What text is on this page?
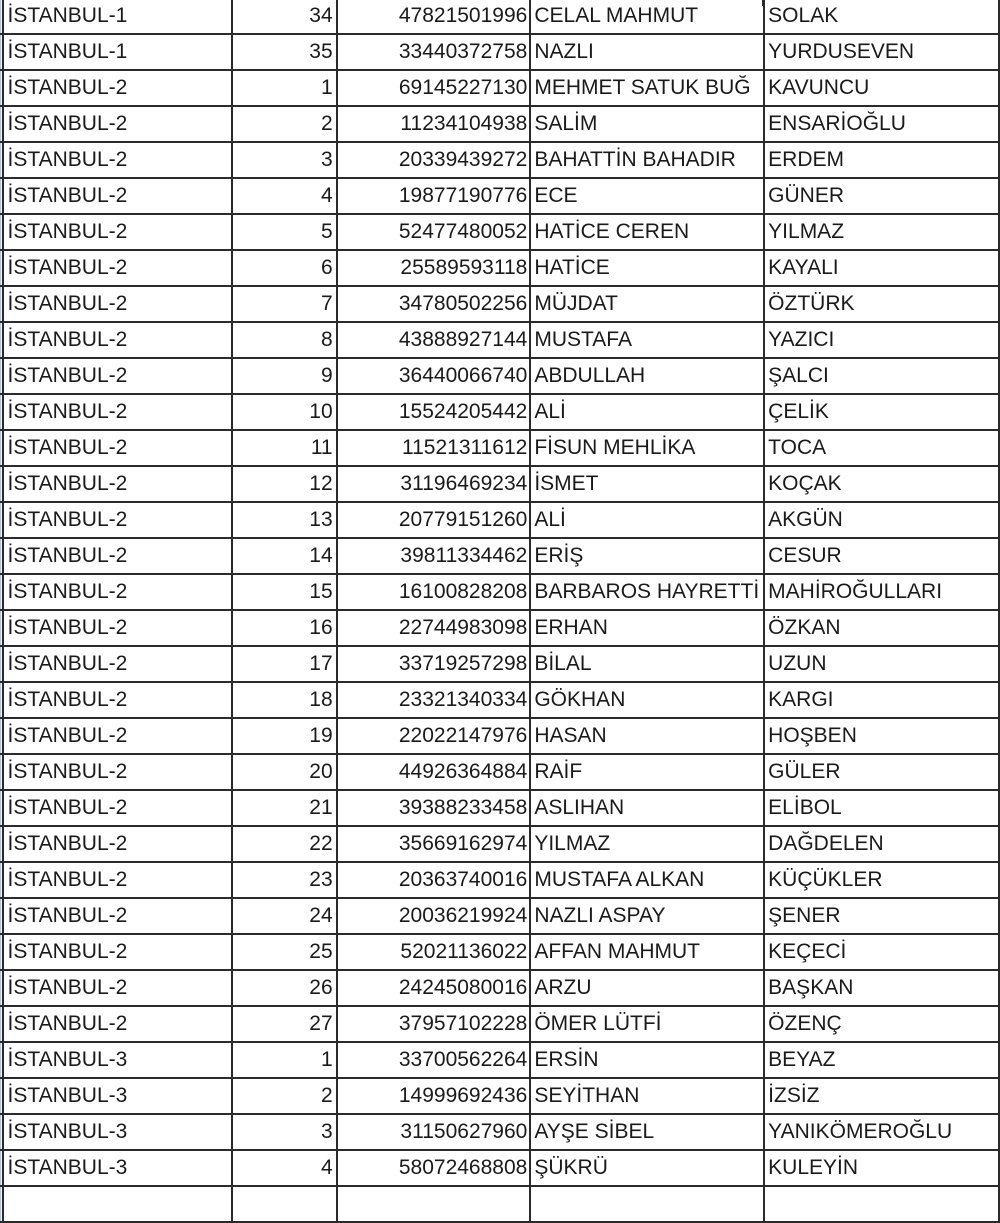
	İSTANBUL-1	34	47821501996	CELAL MAHMUT	SOLAK
	İSTANBUL-1	35	33440372758	NAZLI	YURDUSEVEN
	İSTANBUL-2	1	69145227130	MEHMET SATUK BUĞ	KAVUNCU
	İSTANBUL-2	2	11234104938	SALİM	ENSARİOĞLU
	İSTANBUL-2	3	20339439272	BAHATTİN BAHADIR	ERDEM
	İSTANBUL-2	4	19877190776	ECE	GÜNER
	İSTANBUL-2	5	52477480052	HATİCE CEREN	YILMAZ
	İSTANBUL-2	6	25589593118	HATİCE	KAYALI
	İSTANBUL-2	7	34780502256	MÜJDAT	ÖZTÜRK
	İSTANBUL-2	8	43888927144	MUSTAFA	YAZICI
	İSTANBUL-2	9	36440066740	ABDULLAH	ŞALCI
	İSTANBUL-2	10	15524205442	ALİ	ÇELİK
	İSTANBUL-2	11	11521311612	FİSUN MEHLİKA	TOCA
	İSTANBUL-2	12	31196469234	İSMET	KOÇAK
	İSTANBUL-2	13	20779151260	ALİ	AKGÜN
	İSTANBUL-2	14	39811334462	ERİŞ	CESUR
	İSTANBUL-2	15	16100828208	BARBAROS HAYRETTİ	MAHİROĞULLARI
	İSTANBUL-2	16	22744983098	ERHAN	ÖZKAN
	İSTANBUL-2	17	33719257298	BİLAL	UZUN
	İSTANBUL-2	18	23321340334	GÖKHAN	KARGI
	İSTANBUL-2	19	22022147976	HASAN	HOŞBEN
	İSTANBUL-2	20	44926364884	RAİF	GÜLER
	İSTANBUL-2	21	39388233458	ASLIHAN	ELİBOL
	İSTANBUL-2	22	35669162974	YILMAZ	DAĞDELEN
	İSTANBUL-2	23	20363740016	MUSTAFA ALKAN	KÜÇÜKLER
	İSTANBUL-2	24	20036219924	NAZLI ASPAY	ŞENER
	İSTANBUL-2	25	52021136022	AFFAN MAHMUT	KEÇECİ
	İSTANBUL-2	26	24245080016	ARZU	BAŞKAN
	İSTANBUL-2	27	37957102228	ÖMER LÜTFİ	ÖZENÇ
	İSTANBUL-3	1	33700562264	ERSİN	BEYAZ
	İSTANBUL-3	2	14999692436	SEYİTHAN	İZSİZ
	İSTANBUL-3	3	31150627960	AYŞE SİBEL	YANIKÖMEROĞLU
	İSTANBUL-3	4	58072468808	ŞÜKRÜ	KULEYİN
